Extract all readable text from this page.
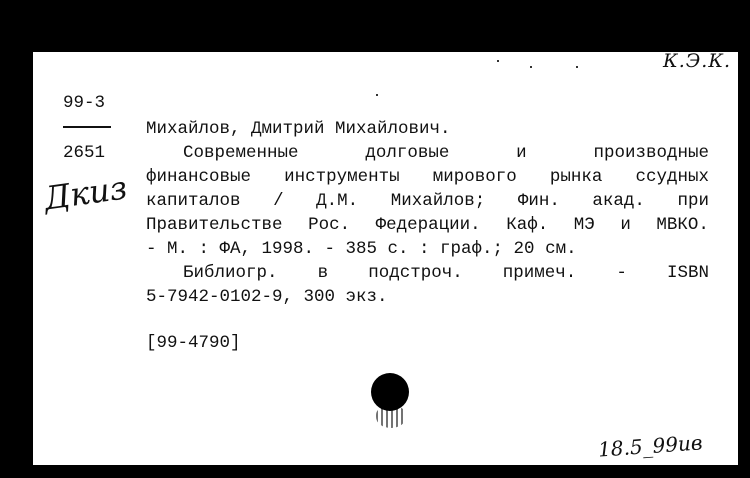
99-3
2651
Дкиз
К.Э.К.
Михайлов, Дмитрий Михайлович.
Современные	долговые	и	производные
финансовые инструменты мирового рынка ссудных
капиталов / Д.М. Михайлов; Фин. акад. при
Правительстве Рос. Федерации. Каф. МЭ и МВКО.
- М. : ФА, 1998. - 385 с. : граф.; 20 см.
Библиогр. в подстроч. примеч. - ISBN
5-7942-0102-9, 300 экз.
[99-4790]
18.5_99ив
